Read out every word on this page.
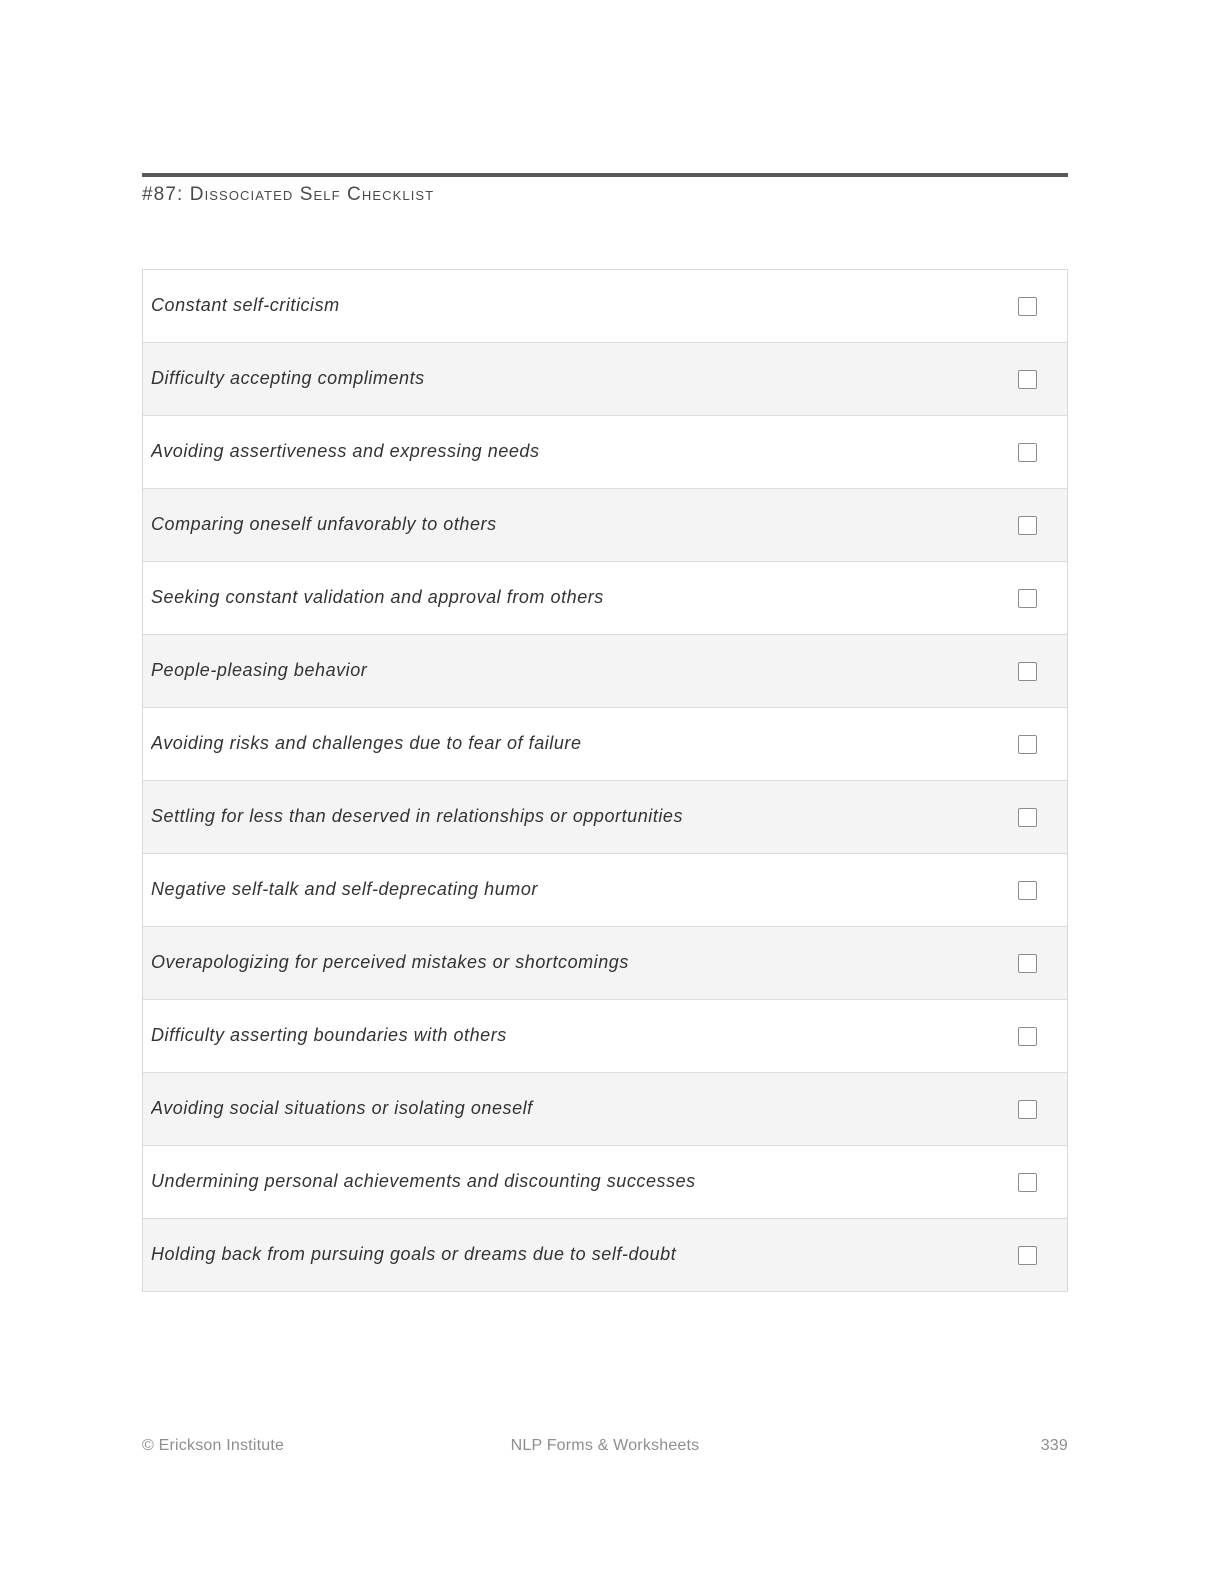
#87: Dissociated Self Checklist
Constant self-criticism
Difficulty accepting compliments
Avoiding assertiveness and expressing needs
Comparing oneself unfavorably to others
Seeking constant validation and approval from others
People-pleasing behavior
Avoiding risks and challenges due to fear of failure
Settling for less than deserved in relationships or opportunities
Negative self-talk and self-deprecating humor
Overapologizing for perceived mistakes or shortcomings
Difficulty asserting boundaries with others
Avoiding social situations or isolating oneself
Undermining personal achievements and discounting successes
Holding back from pursuing goals or dreams due to self-doubt
© Erickson Institute	NLP Forms & Worksheets	339
